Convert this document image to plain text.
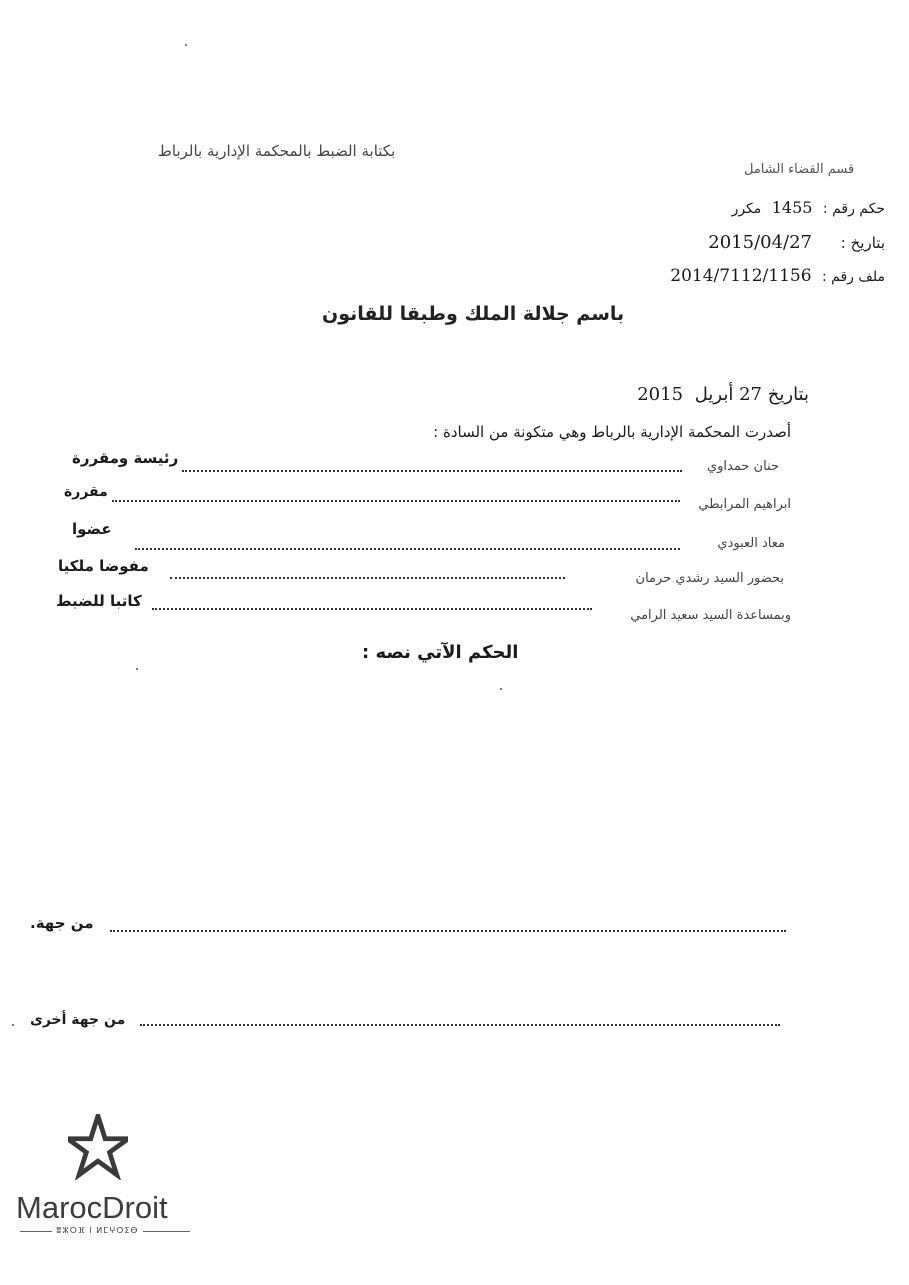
بكتابة الضبط بالمحكمة الإدارية بالرباط
قسم القضاء الشامل
حكم رقم : 1455 مكرر
بتاريخ : 2015/04/27
ملف رقم : 2014/7112/1156
باسم جلالة الملك وطبقا للقانون
بتاريخ 27 أبريل 2015
أصدرت المحكمة الإدارية بالرباط وهي متكونة من السادة :
حنان حمداوي
رئيسة ومقررة
ابراهيم المرابطي
مقررة
معاد العبودي
عضوا
بحضور السيد رشدي حرمان
مفوضا ملكيا
وبمساعدة السيد سعيد الرامي
كاتبا للضبط
الحكم الآتي نصه :
من جهة.
من جهة أخرى
MarocDroit
ⴻⵣⵔⴼ ⵏ ⵍⵎⵖⵔⵉⴱ
